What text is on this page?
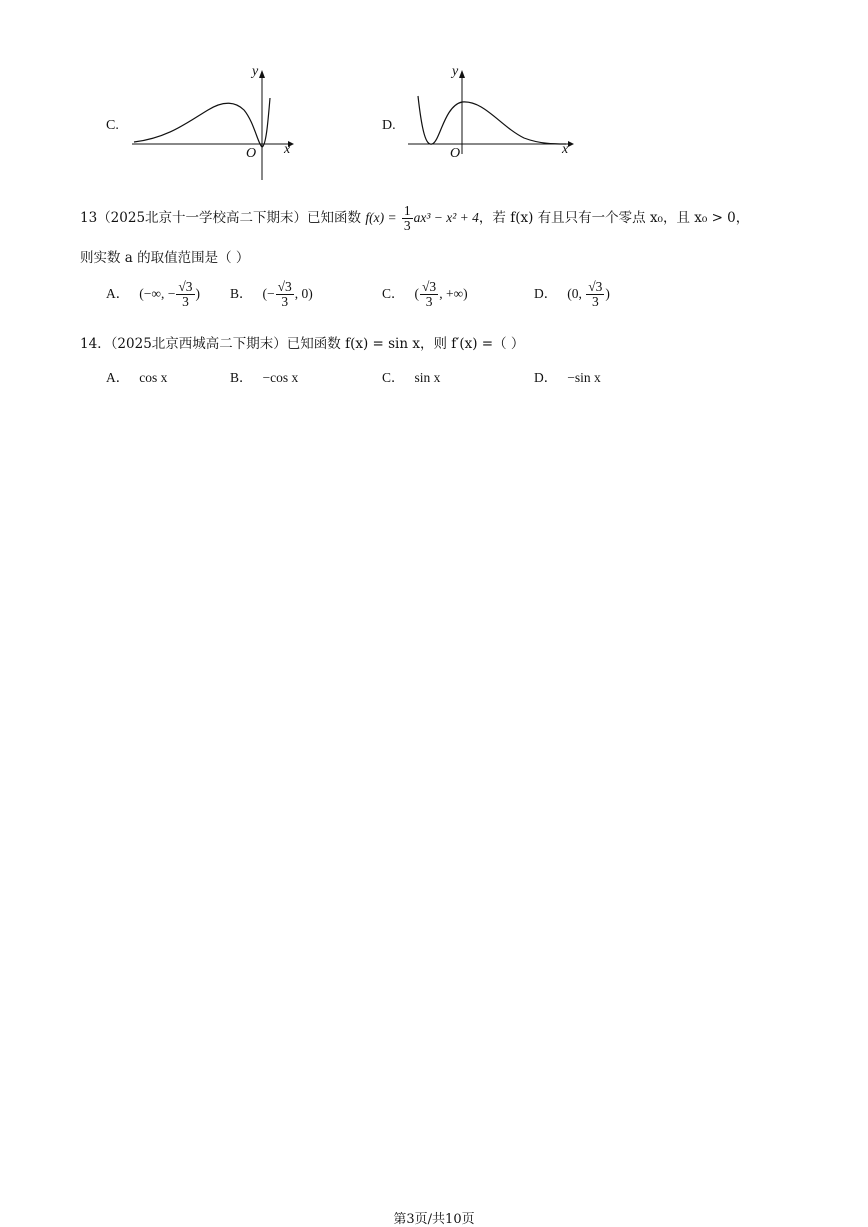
C.
y
x
O
D.
y
x
O
13（2025北京十一学校高二下期末）已知函数 $f(x) = \frac{1}{3} ax^3 - x^2 + 4$，若 f(x) 有且只有一个零点 x₀，且 x₀ > 0，
则实数 a 的取值范围是（ ）
A． (−∞, − $\frac{√3}{3}$ ) B． (− $\frac{√3}{3}$ , 0)	C． ( $\frac{√3}{3}$ , +∞)	D． (0, $\frac{√3}{3}$ )
14．（2025北京西城高二下期末）已知函数 f(x) = sin x，则 f′(x) =（ ）
A． cos x	B． −cos x	C． sin x	D． −sin x
第3页/共10页
